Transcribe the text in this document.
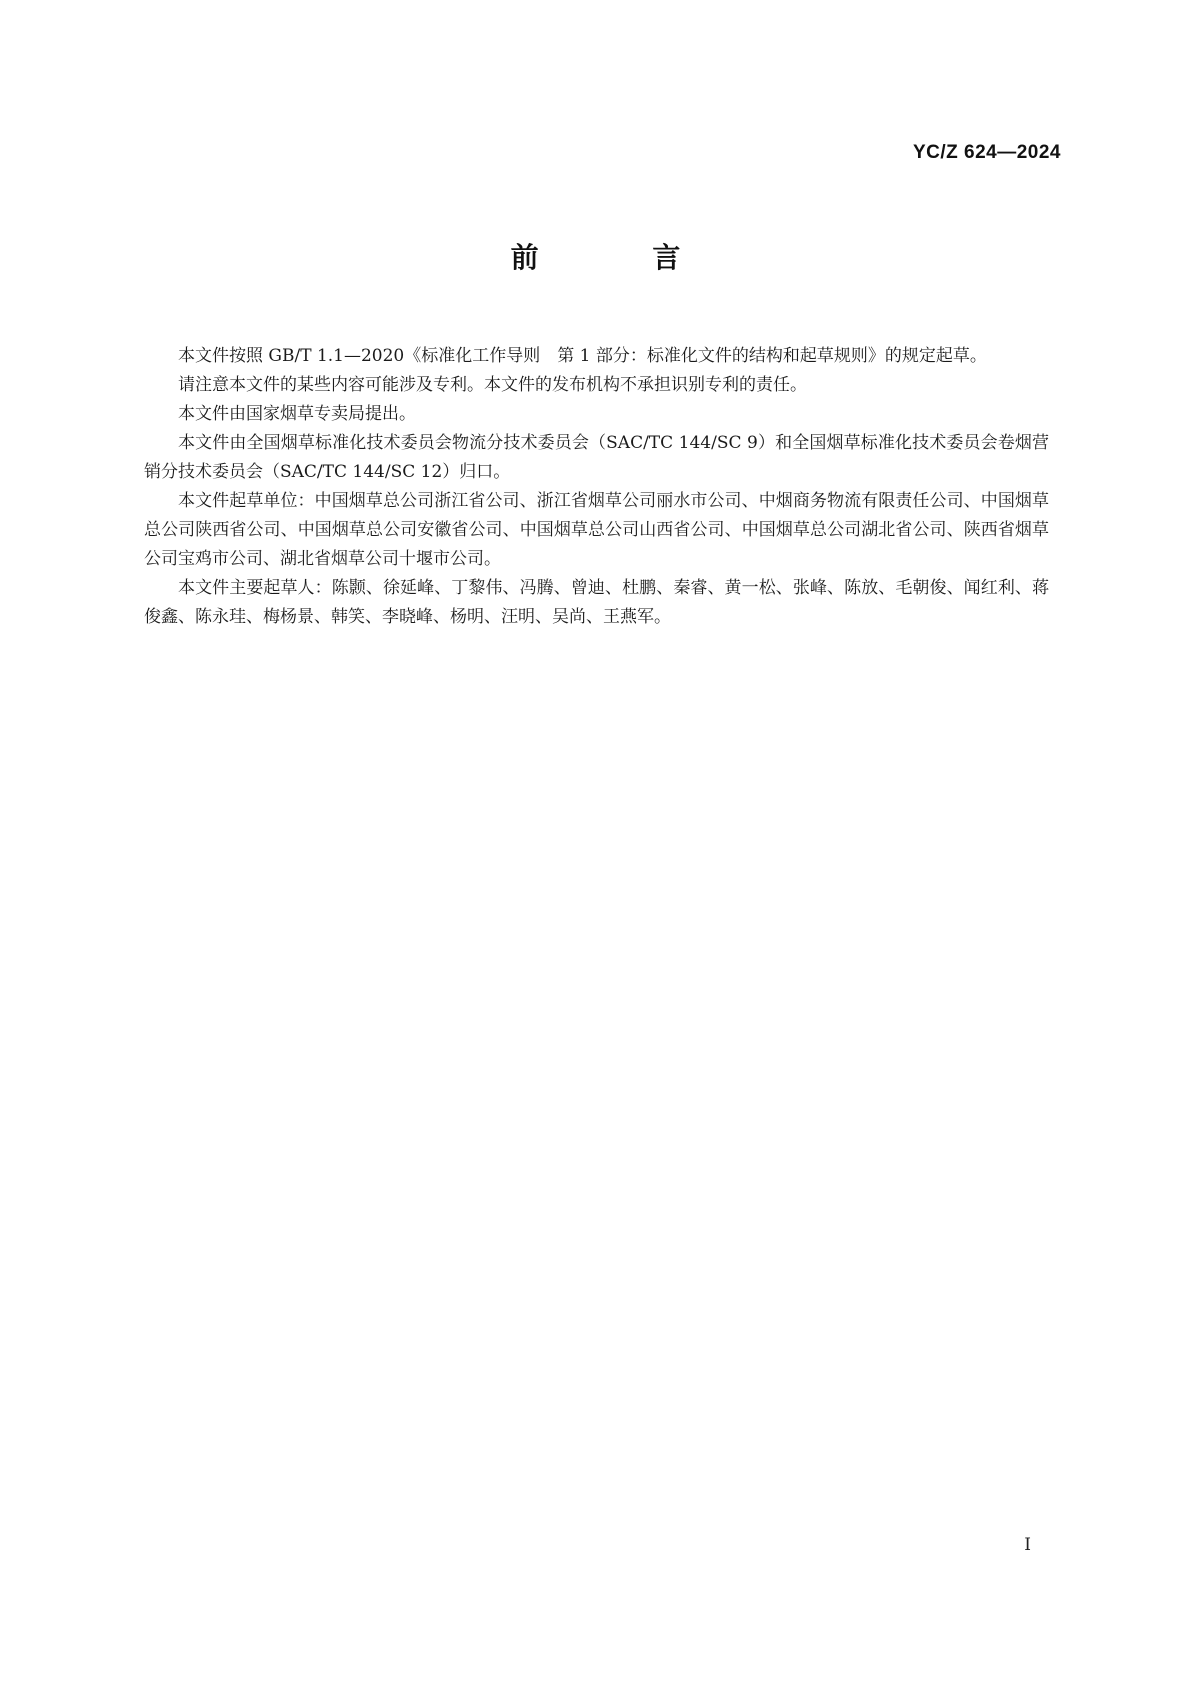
YC/Z 624—2024
前 言

本文件按照 GB/T 1.1—2020《标准化工作导则　第 1 部分：标准化文件的结构和起草规则》的规定起草。

请注意本文件的某些内容可能涉及专利。本文件的发布机构不承担识别专利的责任。

本文件由国家烟草专卖局提出。

本文件由全国烟草标准化技术委员会物流分技术委员会（SAC/TC 144/SC 9）和全国烟草标准化技术委员会卷烟营销分技术委员会（SAC/TC 144/SC 12）归口。

本文件起草单位：中国烟草总公司浙江省公司、浙江省烟草公司丽水市公司、中烟商务物流有限责任公司、中国烟草总公司陕西省公司、中国烟草总公司安徽省公司、中国烟草总公司山西省公司、中国烟草总公司湖北省公司、陕西省烟草公司宝鸡市公司、湖北省烟草公司十堰市公司。

本文件主要起草人：陈颢、徐延峰、丁黎伟、冯腾、曾迪、杜鹏、秦睿、黄一松、张峰、陈放、毛朝俊、闻红利、蒋俊鑫、陈永珪、梅杨景、韩笑、李晓峰、杨明、汪明、吴尚、王燕军。

I
